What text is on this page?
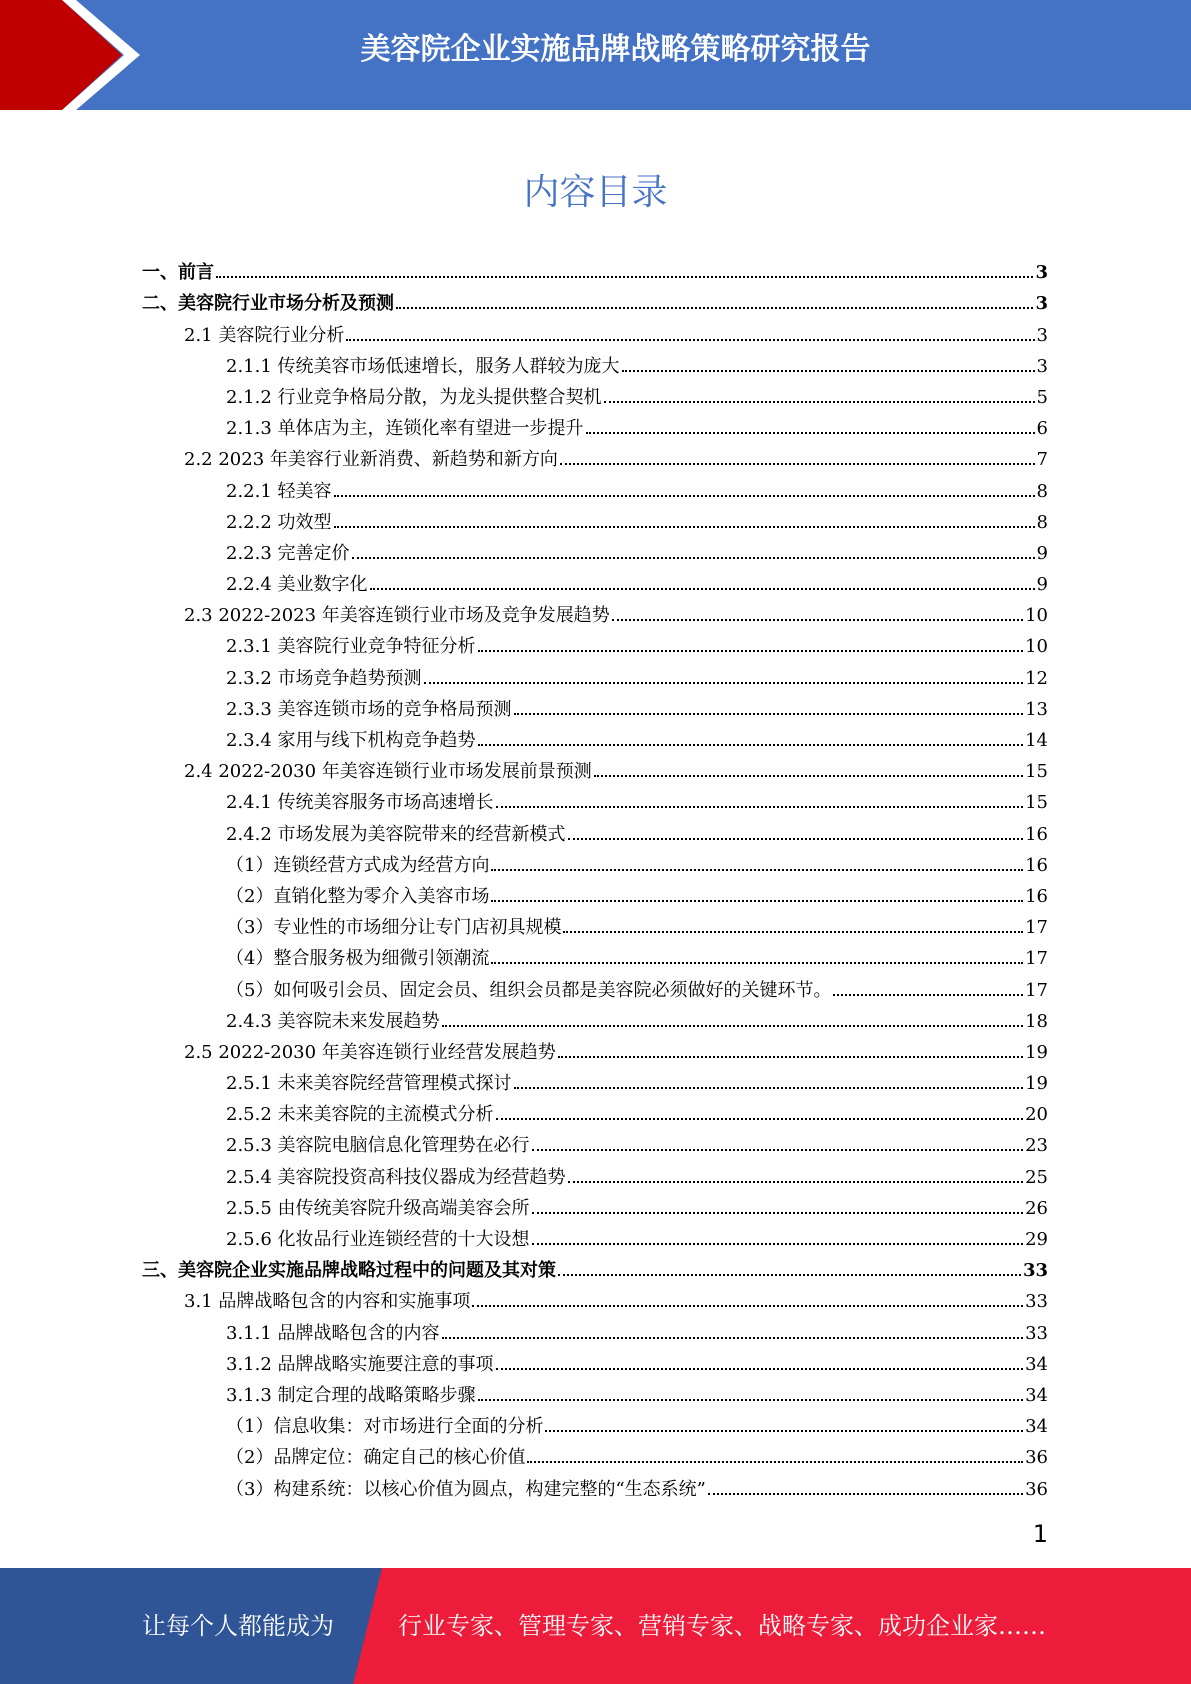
美容院企业实施品牌战略策略研究报告
内容目录
一、前言	3
二、美容院行业市场分析及预测	3
2.1 美容院行业分析	3
2.1.1 传统美容市场低速增长，服务人群较为庞大	3
2.1.2 行业竞争格局分散，为龙头提供整合契机	5
2.1.3 单体店为主，连锁化率有望进一步提升	6
2.2 2023 年美容行业新消费、新趋势和新方向	7
2.2.1 轻美容	8
2.2.2 功效型	8
2.2.3 完善定价	9
2.2.4 美业数字化	9
2.3 2022-2023 年美容连锁行业市场及竞争发展趋势	10
2.3.1 美容院行业竞争特征分析	10
2.3.2 市场竞争趋势预测	12
2.3.3 美容连锁市场的竞争格局预测	13
2.3.4 家用与线下机构竞争趋势	14
2.4 2022-2030 年美容连锁行业市场发展前景预测	15
2.4.1 传统美容服务市场高速增长	15
2.4.2 市场发展为美容院带来的经营新模式	16
（1）连锁经营方式成为经营方向	16
（2）直销化整为零介入美容市场	16
（3）专业性的市场细分让专门店初具规模	17
（4）整合服务极为细微引领潮流	17
（5）如何吸引会员、固定会员、组织会员都是美容院必须做好的关键环节。	17
2.4.3 美容院未来发展趋势	18
2.5 2022-2030 年美容连锁行业经营发展趋势	19
2.5.1 未来美容院经营管理模式探讨	19
2.5.2 未来美容院的主流模式分析	20
2.5.3 美容院电脑信息化管理势在必行	23
2.5.4 美容院投资高科技仪器成为经营趋势	25
2.5.5 由传统美容院升级高端美容会所	26
2.5.6 化妆品行业连锁经营的十大设想	29
三、美容院企业实施品牌战略过程中的问题及其对策	33
3.1 品牌战略包含的内容和实施事项	33
3.1.1 品牌战略包含的内容	33
3.1.2 品牌战略实施要注意的事项	34
3.1.3 制定合理的战略策略步骤	34
（1）信息收集：对市场进行全面的分析	34
（2）品牌定位：确定自己的核心价值	36
（3）构建系统：以核心价值为圆点，构建完整的“生态系统”	36
1
让每个人都能成为	行业专家、管理专家、营销专家、战略专家、成功企业家……
